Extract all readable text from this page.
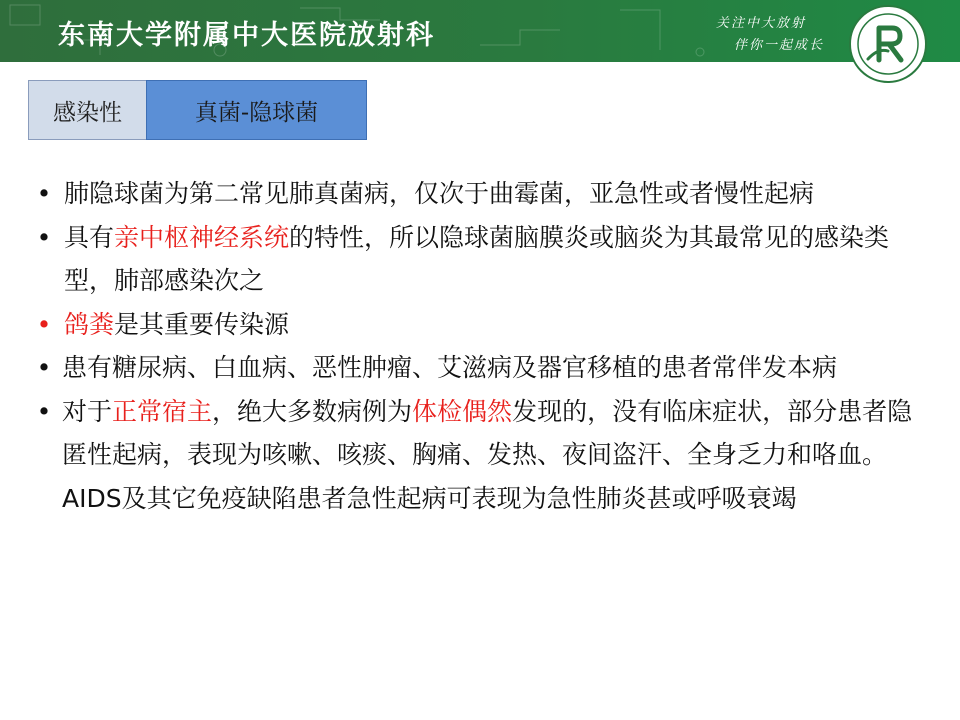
东南大学附属中大医院放射科	关注中大放射
伴你一起成长
感染性	真菌-隐球菌
• 肺隐球菌为第二常见肺真菌病，仅次于曲霉菌，亚急性或者慢性起病
• 具有亲中枢神经系统的特性，所以隐球菌脑膜炎或脑炎为其最常见的感染类型，肺部感染次之
• 鸽粪是其重要传染源
• 患有糖尿病、白血病、恶性肿瘤、艾滋病及器官移植的患者常伴发本病
• 对于正常宿主，绝大多数病例为体检偶然发现的，没有临床症状，部分患者隐匿性起病，表现为咳嗽、咳痰、胸痛、发热、夜间盗汗、全身乏力和咯血。AIDS及其它免疫缺陷患者急性起病可表现为急性肺炎甚或呼吸衰竭
